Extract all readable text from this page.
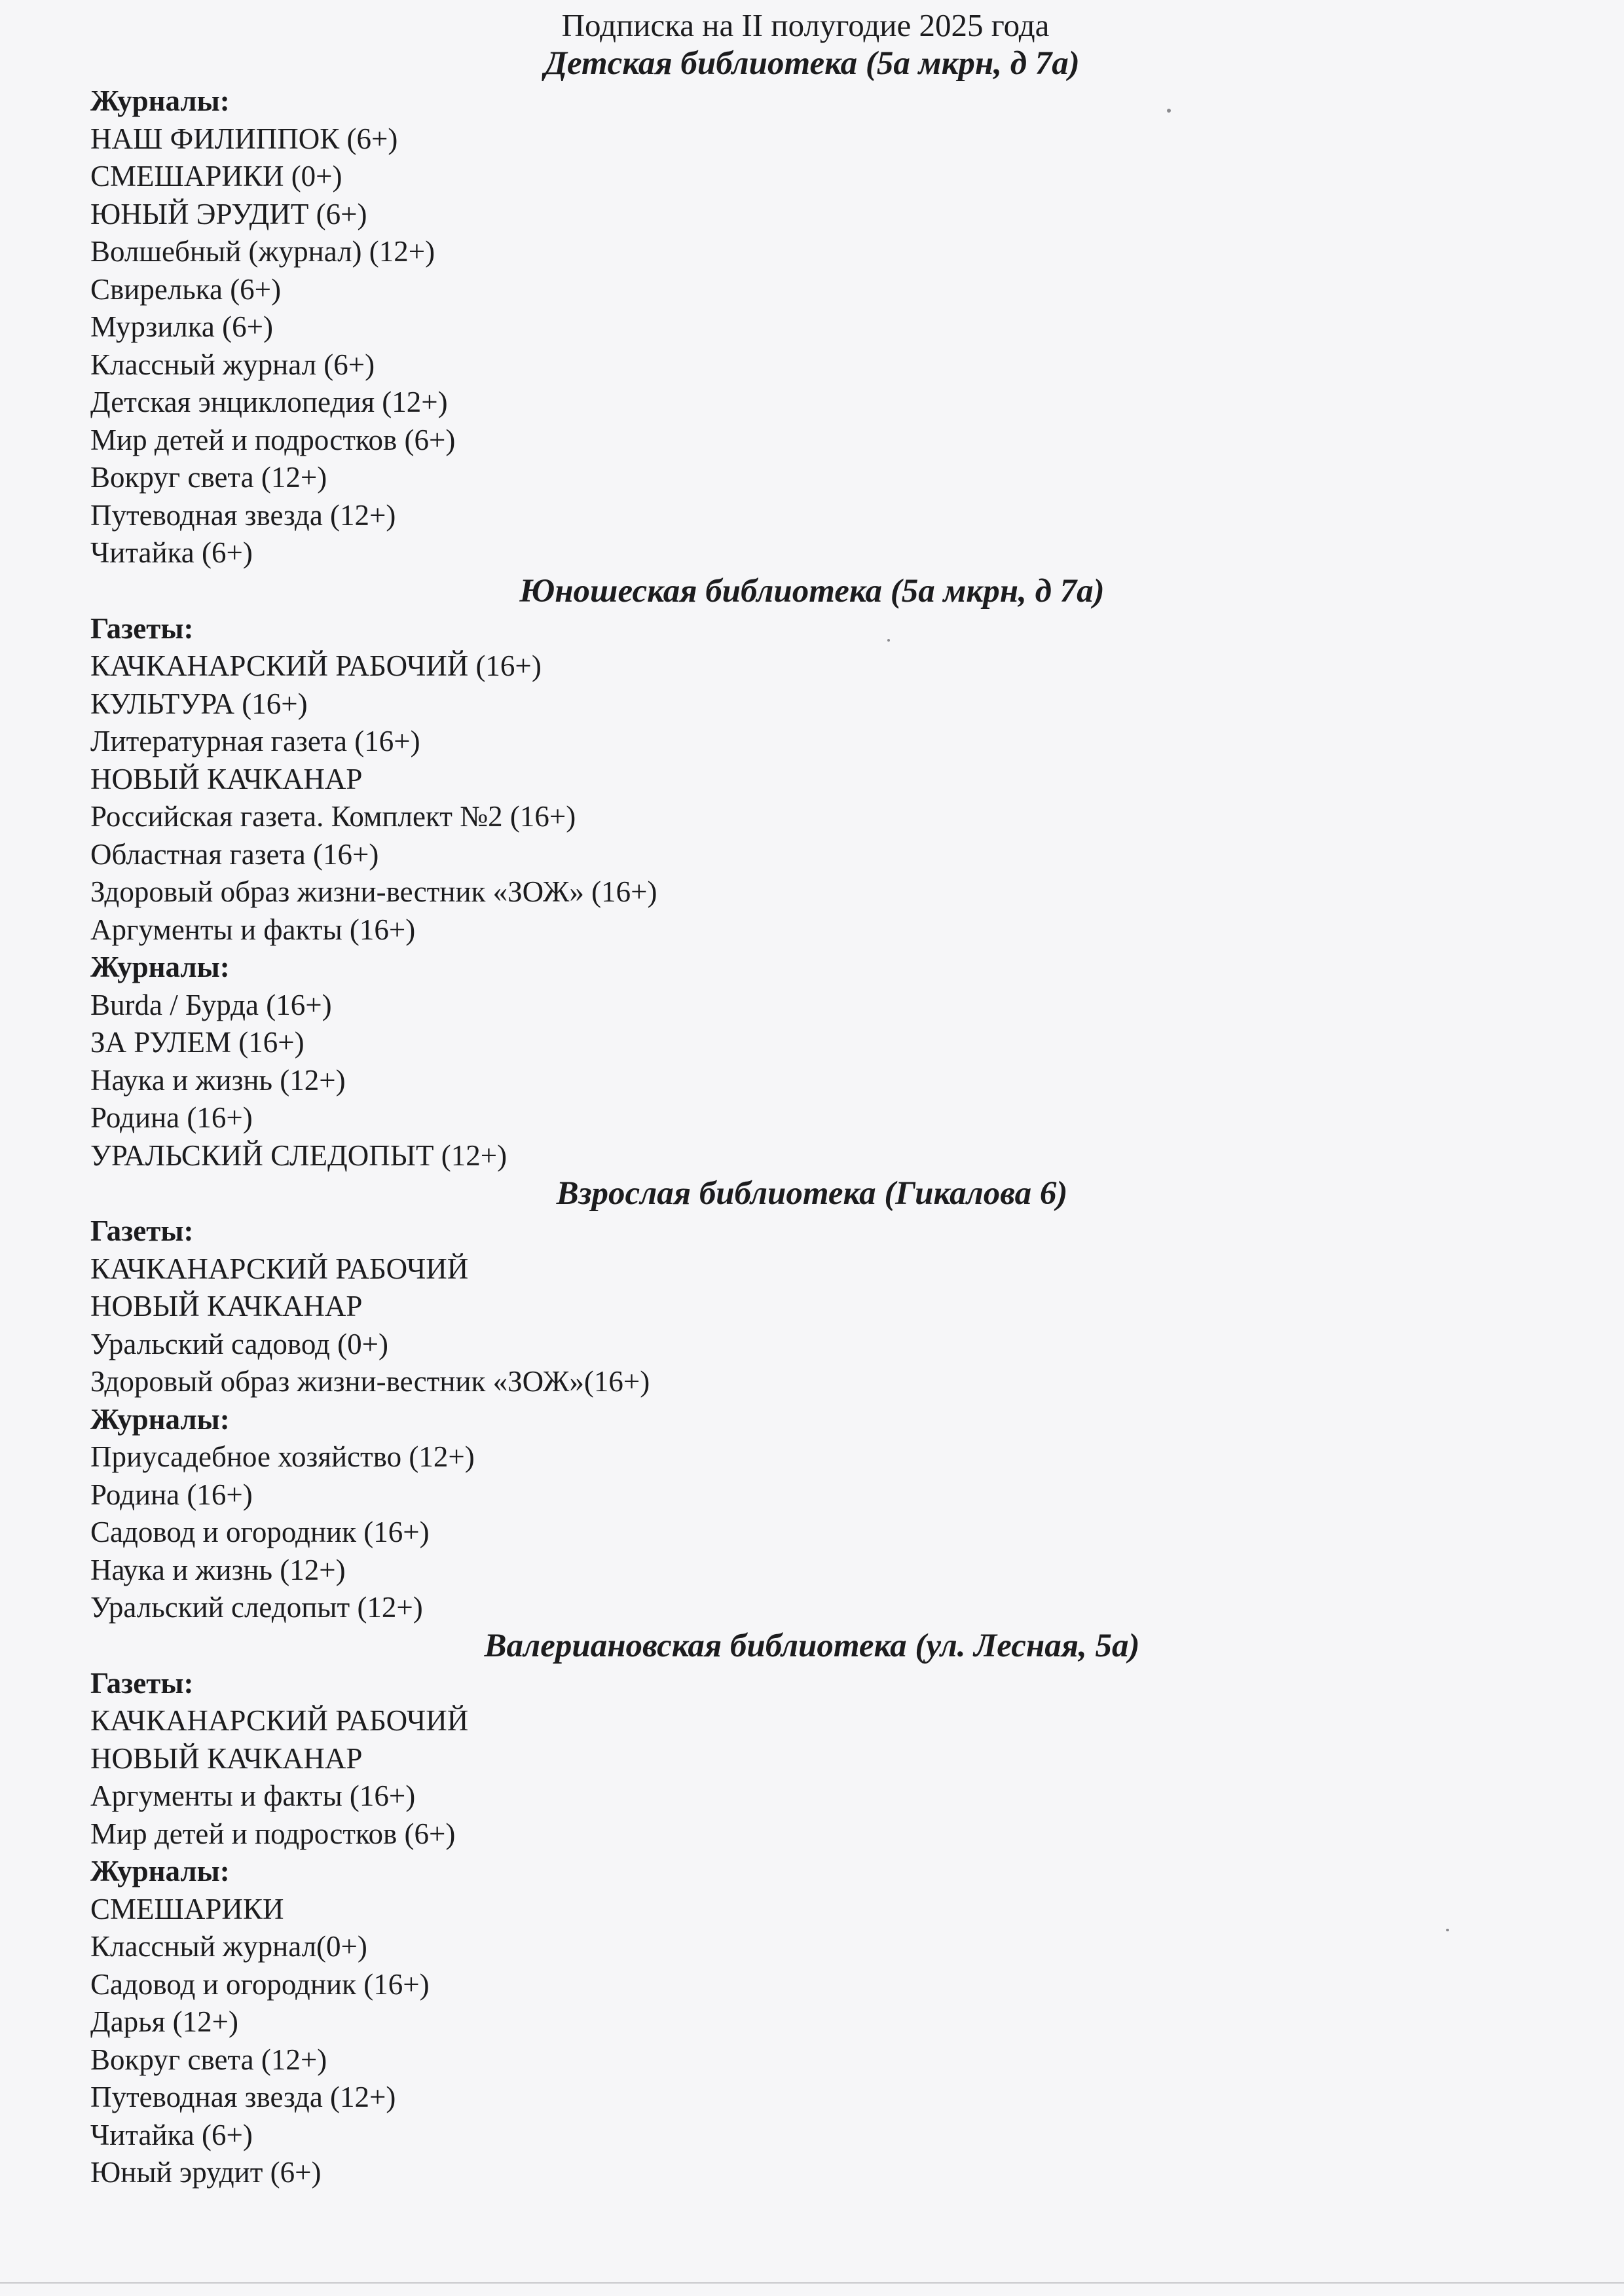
Подписка на II полугодие 2025 года
Детская библиотека (5а мкрн, д 7а)

Журналы:

НАШ ФИЛИППОК (6+)

СМЕШАРИКИ (0+)

ЮНЫЙ ЭРУДИТ (6+)

Волшебный (журнал) (12+)

Свирелька (6+)

Мурзилка (6+)

Классный журнал (6+)

Детская энциклопедия (12+)

Мир детей и подростков (6+)

Вокруг света (12+)

Путеводная звезда (12+)

Читайка (6+)

Юношеская библиотека (5а мкрн, д 7а)

Газеты:

КАЧКАНАРСКИЙ РАБОЧИЙ (16+)

КУЛЬТУРА (16+)

Литературная газета (16+)

НОВЫЙ КАЧКАНАР

Российская газета. Комплект №2 (16+)

Областная газета (16+)

Здоровый образ жизни-вестник «ЗОЖ» (16+)

Аргументы и факты (16+)

Журналы:

Burda / Бурда (16+)

ЗА РУЛЕМ (16+)

Наука и жизнь (12+)

Родина (16+)

УРАЛЬСКИЙ СЛЕДОПЫТ (12+)

Взрослая библиотека (Гикалова 6)

Газеты:

КАЧКАНАРСКИЙ РАБОЧИЙ

НОВЫЙ КАЧКАНАР

Уральский садовод (0+)

Здоровый образ жизни-вестник «ЗОЖ»(16+)

Журналы:

Приусадебное хозяйство (12+)

Родина (16+)

Садовод и огородник (16+)

Наука и жизнь (12+)

Уральский следопыт (12+)

Валериановская библиотека (ул. Лесная, 5а)

Газеты:

КАЧКАНАРСКИЙ РАБОЧИЙ

НОВЫЙ КАЧКАНАР

Аргументы и факты (16+)

Мир детей и подростков (6+)

Журналы:

СМЕШАРИКИ

Классный журнал(0+)

Садовод и огородник (16+)

Дарья (12+)

Вокруг света (12+)

Путеводная звезда (12+)

Читайка (6+)

Юный эрудит (6+)
